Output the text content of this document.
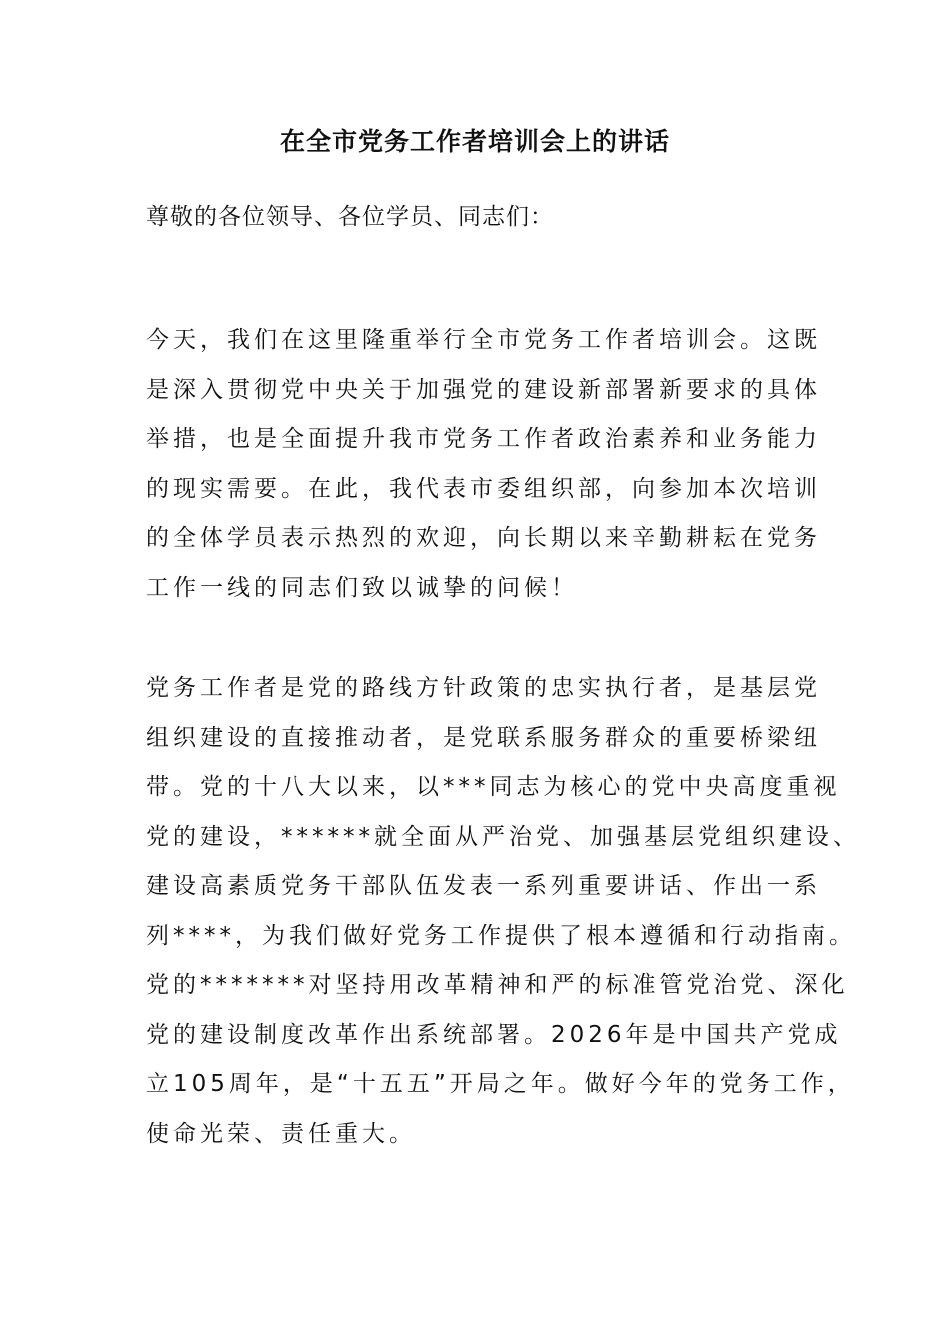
在全市党务工作者培训会上的讲话

尊敬的各位领导、各位学员、同志们：

今天，我们在这里隆重举行全市党务工作者培训会。这既
是深入贯彻党中央关于加强党的建设新部署新要求的具体
举措，也是全面提升我市党务工作者政治素养和业务能力
的现实需要。在此，我代表市委组织部，向参加本次培训
的全体学员表示热烈的欢迎，向长期以来辛勤耕耘在党务
工作一线的同志们致以诚挚的问候！

党务工作者是党的路线方针政策的忠实执行者，是基层党
组织建设的直接推动者，是党联系服务群众的重要桥梁纽
带。党的十八大以来，以***同志为核心的党中央高度重视
党的建设，******就全面从严治党、加强基层党组织建设、
建设高素质党务干部队伍发表一系列重要讲话、作出一系
列****，为我们做好党务工作提供了根本遵循和行动指南。
党的*******对坚持用改革精神和严的标准管党治党、深化
党的建设制度改革作出系统部署。2026年是中国共产党成
立105周年，是“十五五”开局之年。做好今年的党务工作，
使命光荣、责任重大。
